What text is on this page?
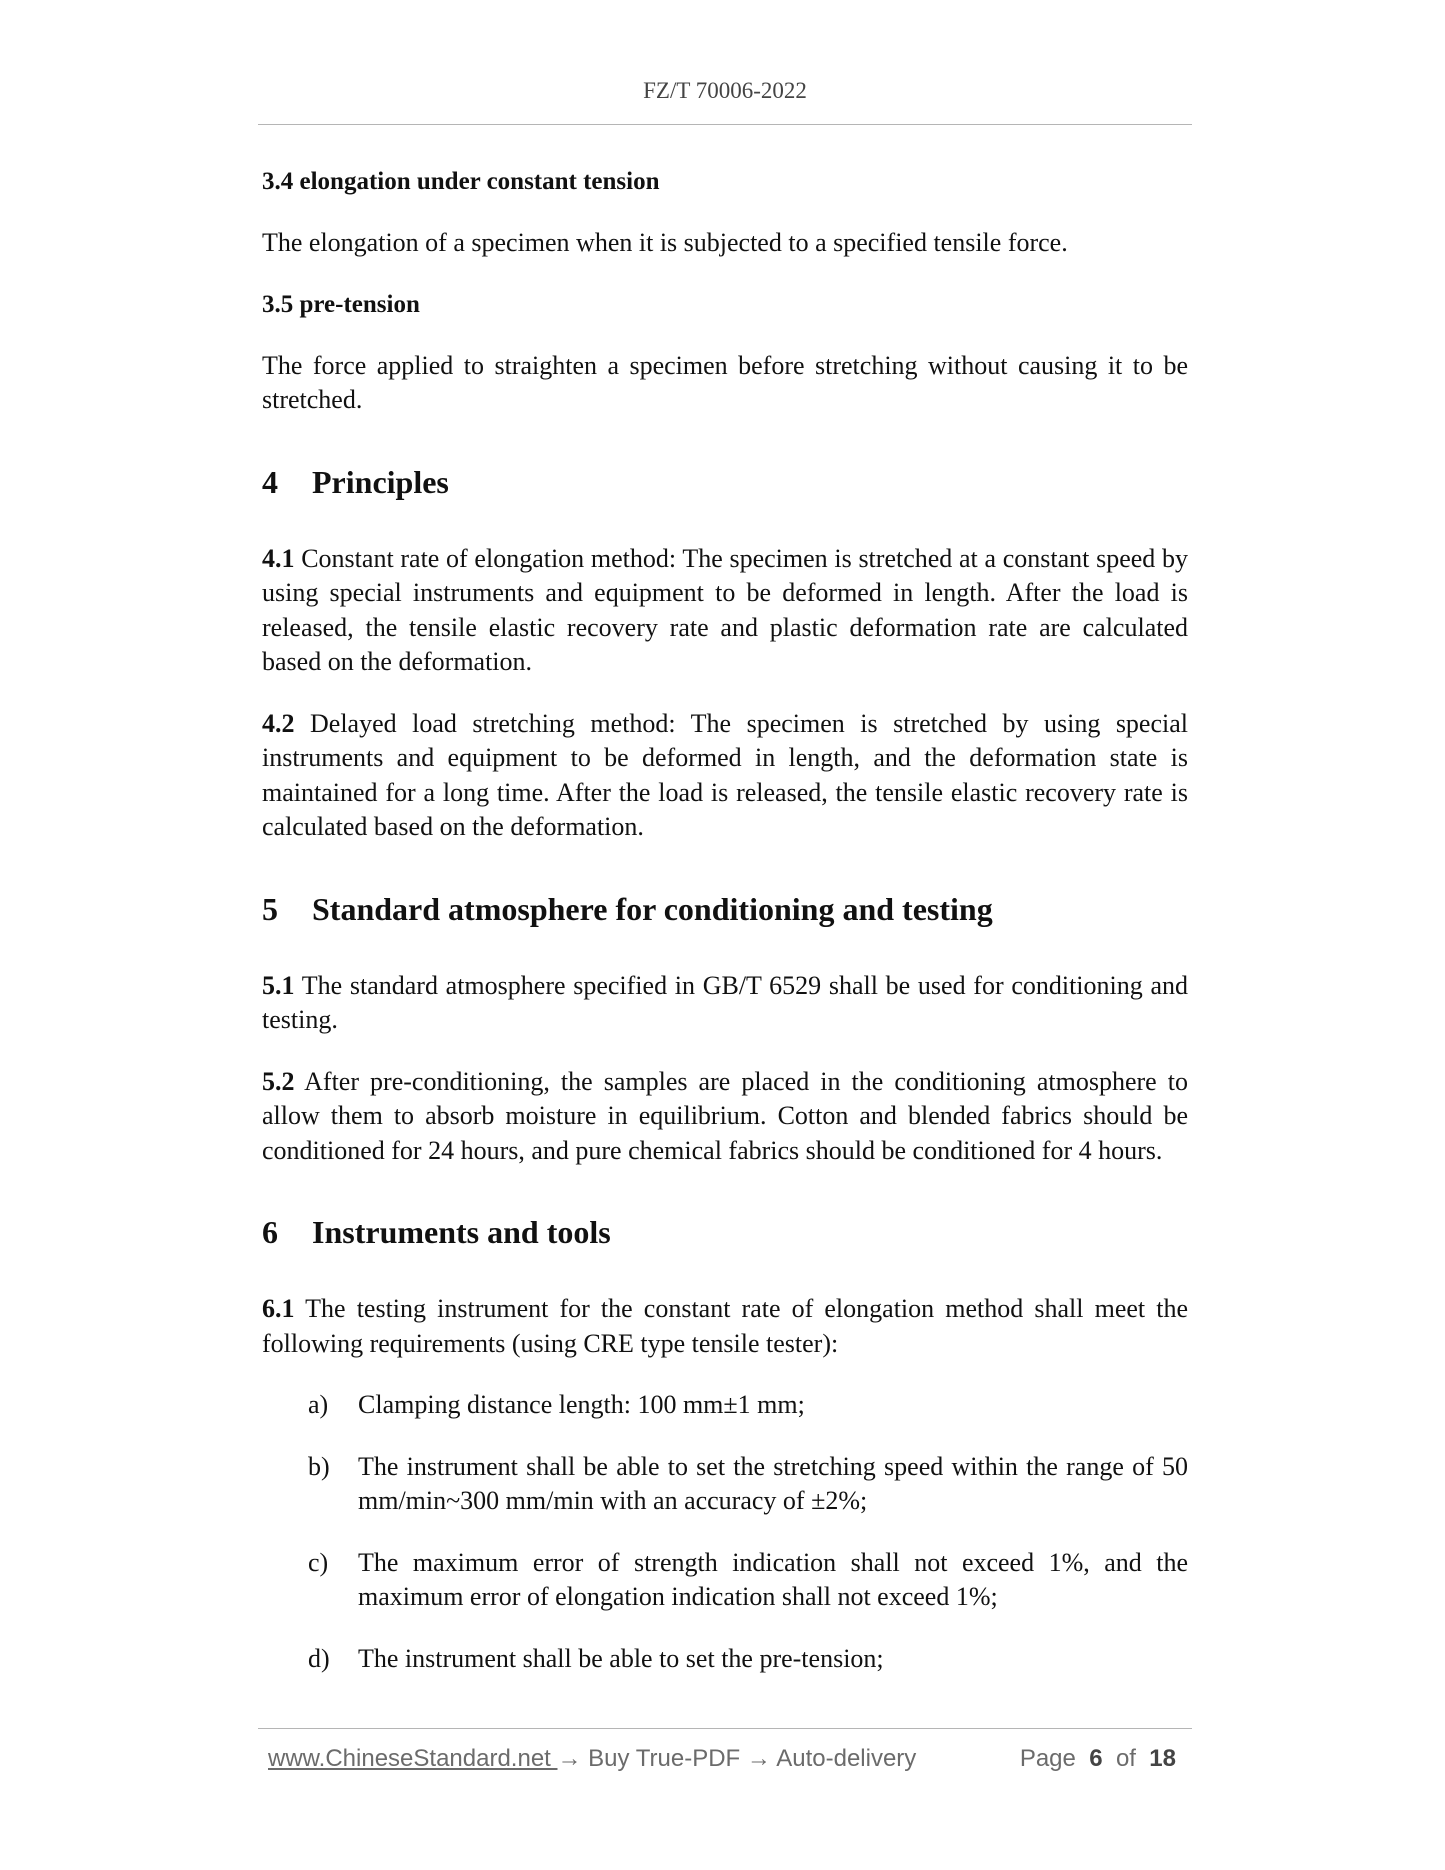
FZ/T 70006-2022
3.4 elongation under constant tension

The elongation of a specimen when it is subjected to a specified tensile force.

3.5 pre-tension

The force applied to straighten a specimen before stretching without causing it to be stretched.

4 Principles

4.1 Constant rate of elongation method: The specimen is stretched at a constant speed by using special instruments and equipment to be deformed in length. After the load is released, the tensile elastic recovery rate and plastic deformation rate are calculated based on the deformation.

4.2 Delayed load stretching method: The specimen is stretched by using special instruments and equipment to be deformed in length, and the deformation state is maintained for a long time. After the load is released, the tensile elastic recovery rate is calculated based on the deformation.

5 Standard atmosphere for conditioning and testing

5.1 The standard atmosphere specified in GB/T 6529 shall be used for conditioning and testing.

5.2 After pre-conditioning, the samples are placed in the conditioning atmosphere to allow them to absorb moisture in equilibrium. Cotton and blended fabrics should be conditioned for 24 hours, and pure chemical fabrics should be conditioned for 4 hours.

6 Instruments and tools

6.1 The testing instrument for the constant rate of elongation method shall meet the following requirements (using CRE type tensile tester):

a) Clamping distance length: 100 mm±1 mm;
b) The instrument shall be able to set the stretching speed within the range of 50 mm/min~300 mm/min with an accuracy of ±2%;
c) The maximum error of strength indication shall not exceed 1%, and the maximum error of elongation indication shall not exceed 1%;
d) The instrument shall be able to set the pre-tension;
www.ChineseStandard.net → Buy True-PDF → Auto-delivery	Page 6 of 18
